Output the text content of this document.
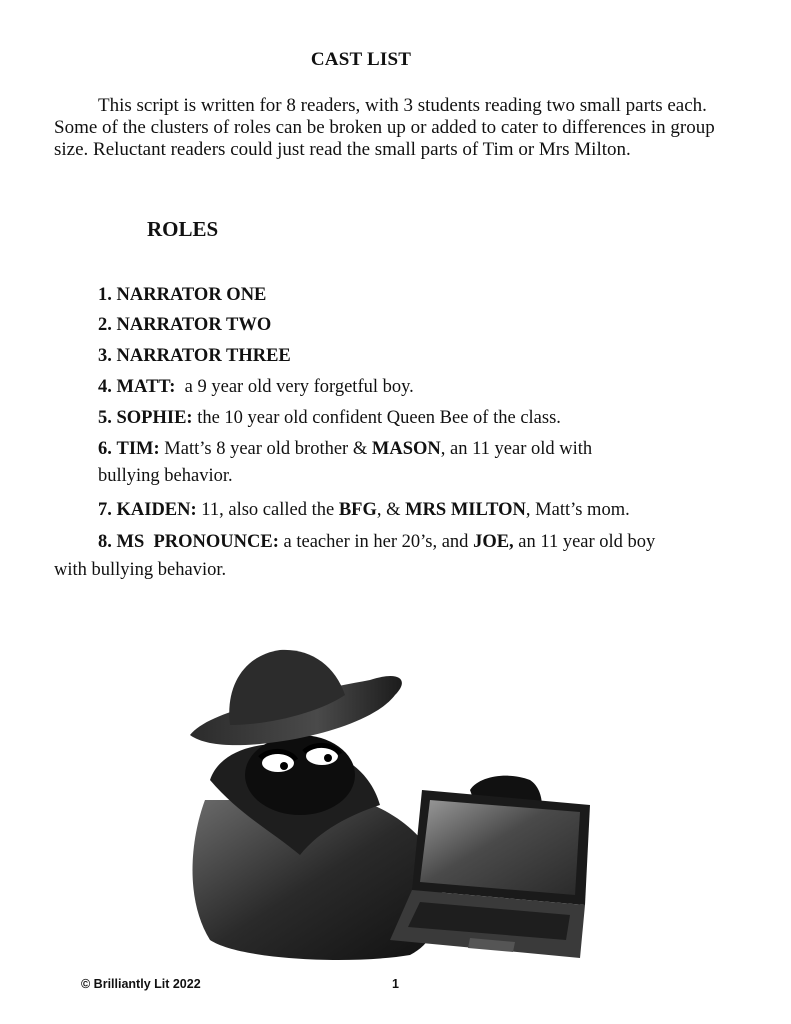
CAST LIST

This script is written for 8 readers, with 3 students reading two small parts each. Some of the clusters of roles can be broken up or added to cater to differences in group size. Reluctant readers could just read the small parts of Tim or Mrs Milton.

ROLES

1. NARRATOR ONE

2. NARRATOR TWO

3. NARRATOR THREE

4. MATT:  a 9 year old very forgetful boy.

5. SOPHIE: the 10 year old confident Queen Bee of the class.

6. TIM: Matt’s 8 year old brother & MASON, an 11 year old with

bullying behavior.

7. KAIDEN: 11, also called the BFG, & MRS MILTON, Matt’s mom.

8. MS  PRONOUNCE: a teacher in her 20’s, and JOE, an 11 year old boy

with bullying behavior.

© Brilliantly Lit 2022	1
